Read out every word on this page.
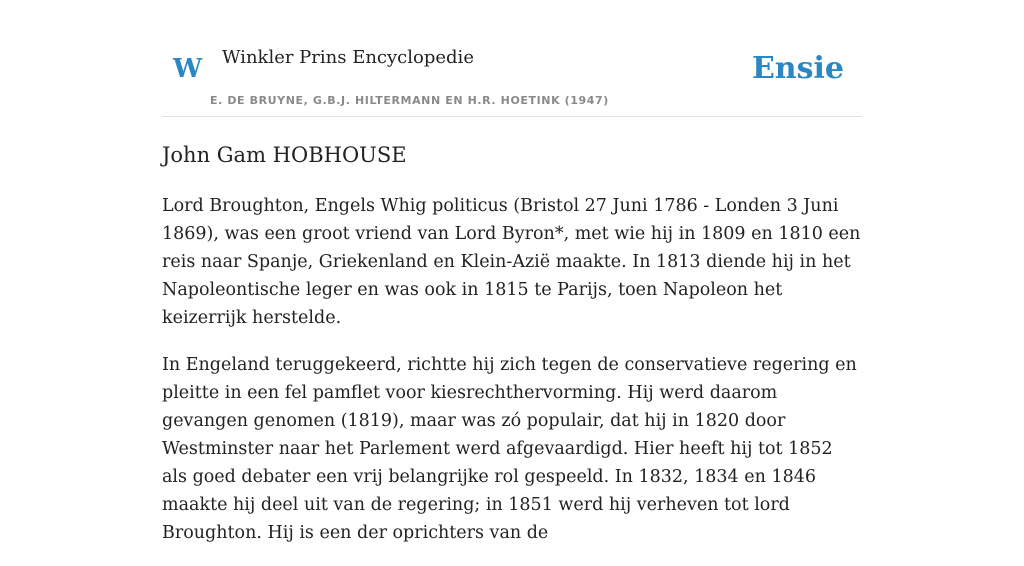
W Winkler Prins Encyclopedie
E. DE BRUYNE, G.B.J. HILTERMANN EN H.R. HOETINK (1947)
Ensie
John Gam HOBHOUSE

Lord Broughton, Engels Whig politicus (Bristol 27 Juni 1786 - Londen 3 Juni 1869), was een groot vriend van Lord Byron*, met wie hij in 1809 en 1810 een reis naar Spanje, Griekenland en Klein-Azië maakte. In 1813 diende hij in het Napoleontische leger en was ook in 1815 te Parijs, toen Napoleon het keizerrijk herstelde.

In Engeland teruggekeerd, richtte hij zich tegen de conservatieve regering en pleitte in een fel pamflet voor kiesrechthervorming. Hij werd daarom gevangen genomen (1819), maar was zó populair, dat hij in 1820 door Westminster naar het Parlement werd afgevaardigd. Hier heeft hij tot 1852 als goed debater een vrij belangrijke rol gespeeld. In 1832, 1834 en 1846 maakte hij deel uit van de regering; in 1851 werd hij verheven tot lord Broughton. Hij is een der oprichters van de
